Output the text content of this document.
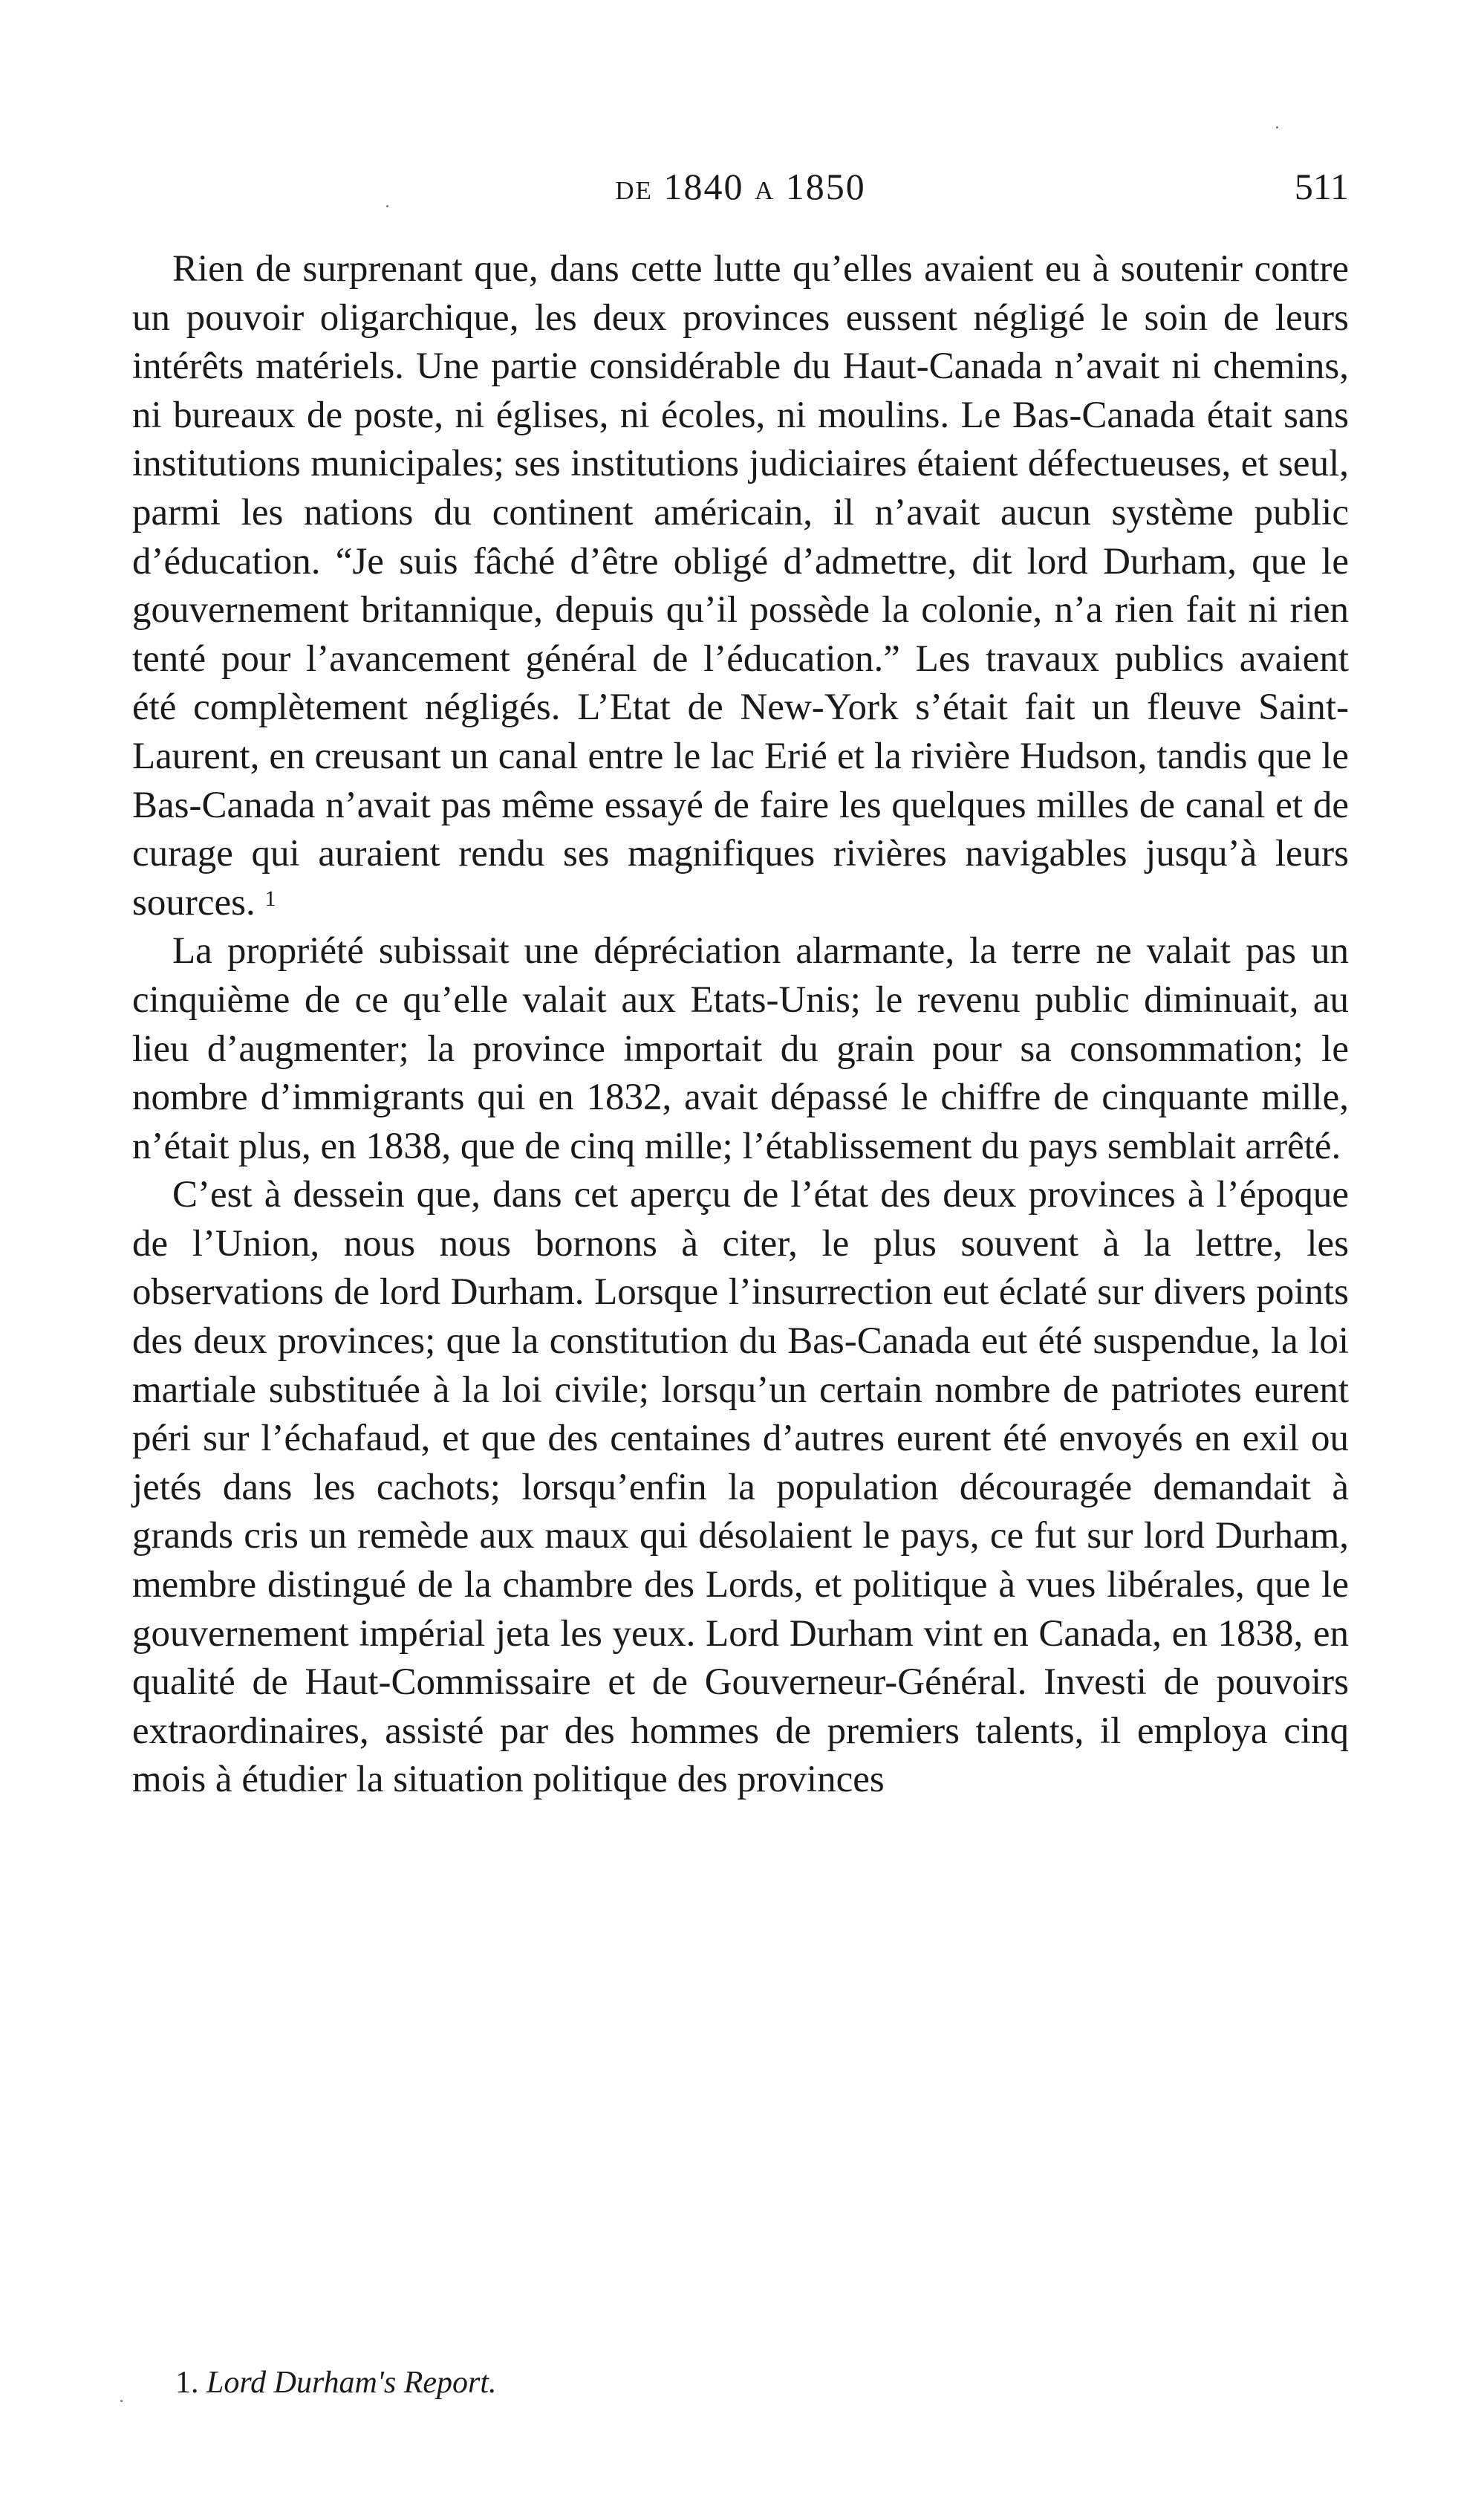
de 1840 a 1850	511

Rien de surprenant que, dans cette lutte qu’elles avaient eu à soutenir contre un pouvoir oligarchique, les deux provinces eussent négligé le soin de leurs intérêts matériels. Une partie considérable du Haut-Canada n’avait ni chemins, ni bureaux de poste, ni églises, ni écoles, ni moulins. Le Bas-Canada était sans institutions municipales; ses institutions judiciaires étaient défectueuses, et seul, parmi les nations du continent américain, il n’avait aucun système public d’éducation. “Je suis fâché d’être obligé d’admettre, dit lord Durham, que le gouvernement britannique, depuis qu’il possède la colonie, n’a rien fait ni rien tenté pour l’avancement général de l’éducation.” Les travaux publics avaient été complètement négligés. L’Etat de New-York s’était fait un fleuve Saint-Laurent, en creusant un canal entre le lac Erié et la rivière Hudson, tandis que le Bas-Canada n’avait pas même essayé de faire les quelques milles de canal et de curage qui auraient rendu ses magnifiques rivières navigables jusqu’à leurs sources. $^1$

La propriété subissait une dépréciation alarmante, la terre ne valait pas un cinquième de ce qu’elle valait aux Etats-Unis; le revenu public diminuait, au lieu d’augmenter; la province importait du grain pour sa consommation; le nombre d’immigrants qui en 1832, avait dépassé le chiffre de cinquante mille, n’était plus, en 1838, que de cinq mille; l’établissement du pays semblait arrêté.

C’est à dessein que, dans cet aperçu de l’état des deux provinces à l’époque de l’Union, nous nous bornons à citer, le plus souvent à la lettre, les observations de lord Durham. Lorsque l’insurrection eut éclaté sur divers points des deux provinces; que la constitution du Bas-Canada eut été suspendue, la loi martiale substituée à la loi civile; lorsqu’un certain nombre de patriotes eurent péri sur l’échafaud, et que des centaines d’autres eurent été envoyés en exil ou jetés dans les cachots; lorsqu’enfin la population découragée demandait à grands cris un remède aux maux qui désolaient le pays, ce fut sur lord Durham, membre distingué de la chambre des Lords, et politique à vues libérales, que le gouvernement impérial jeta les yeux. Lord Durham vint en Canada, en 1838, en qualité de Haut-Commissaire et de Gouverneur-Général. Investi de pouvoirs extraordinaires, assisté par des hommes de premiers talents, il employa cinq mois à étudier la situation politique des provinces

1. Lord Durham's Report.
